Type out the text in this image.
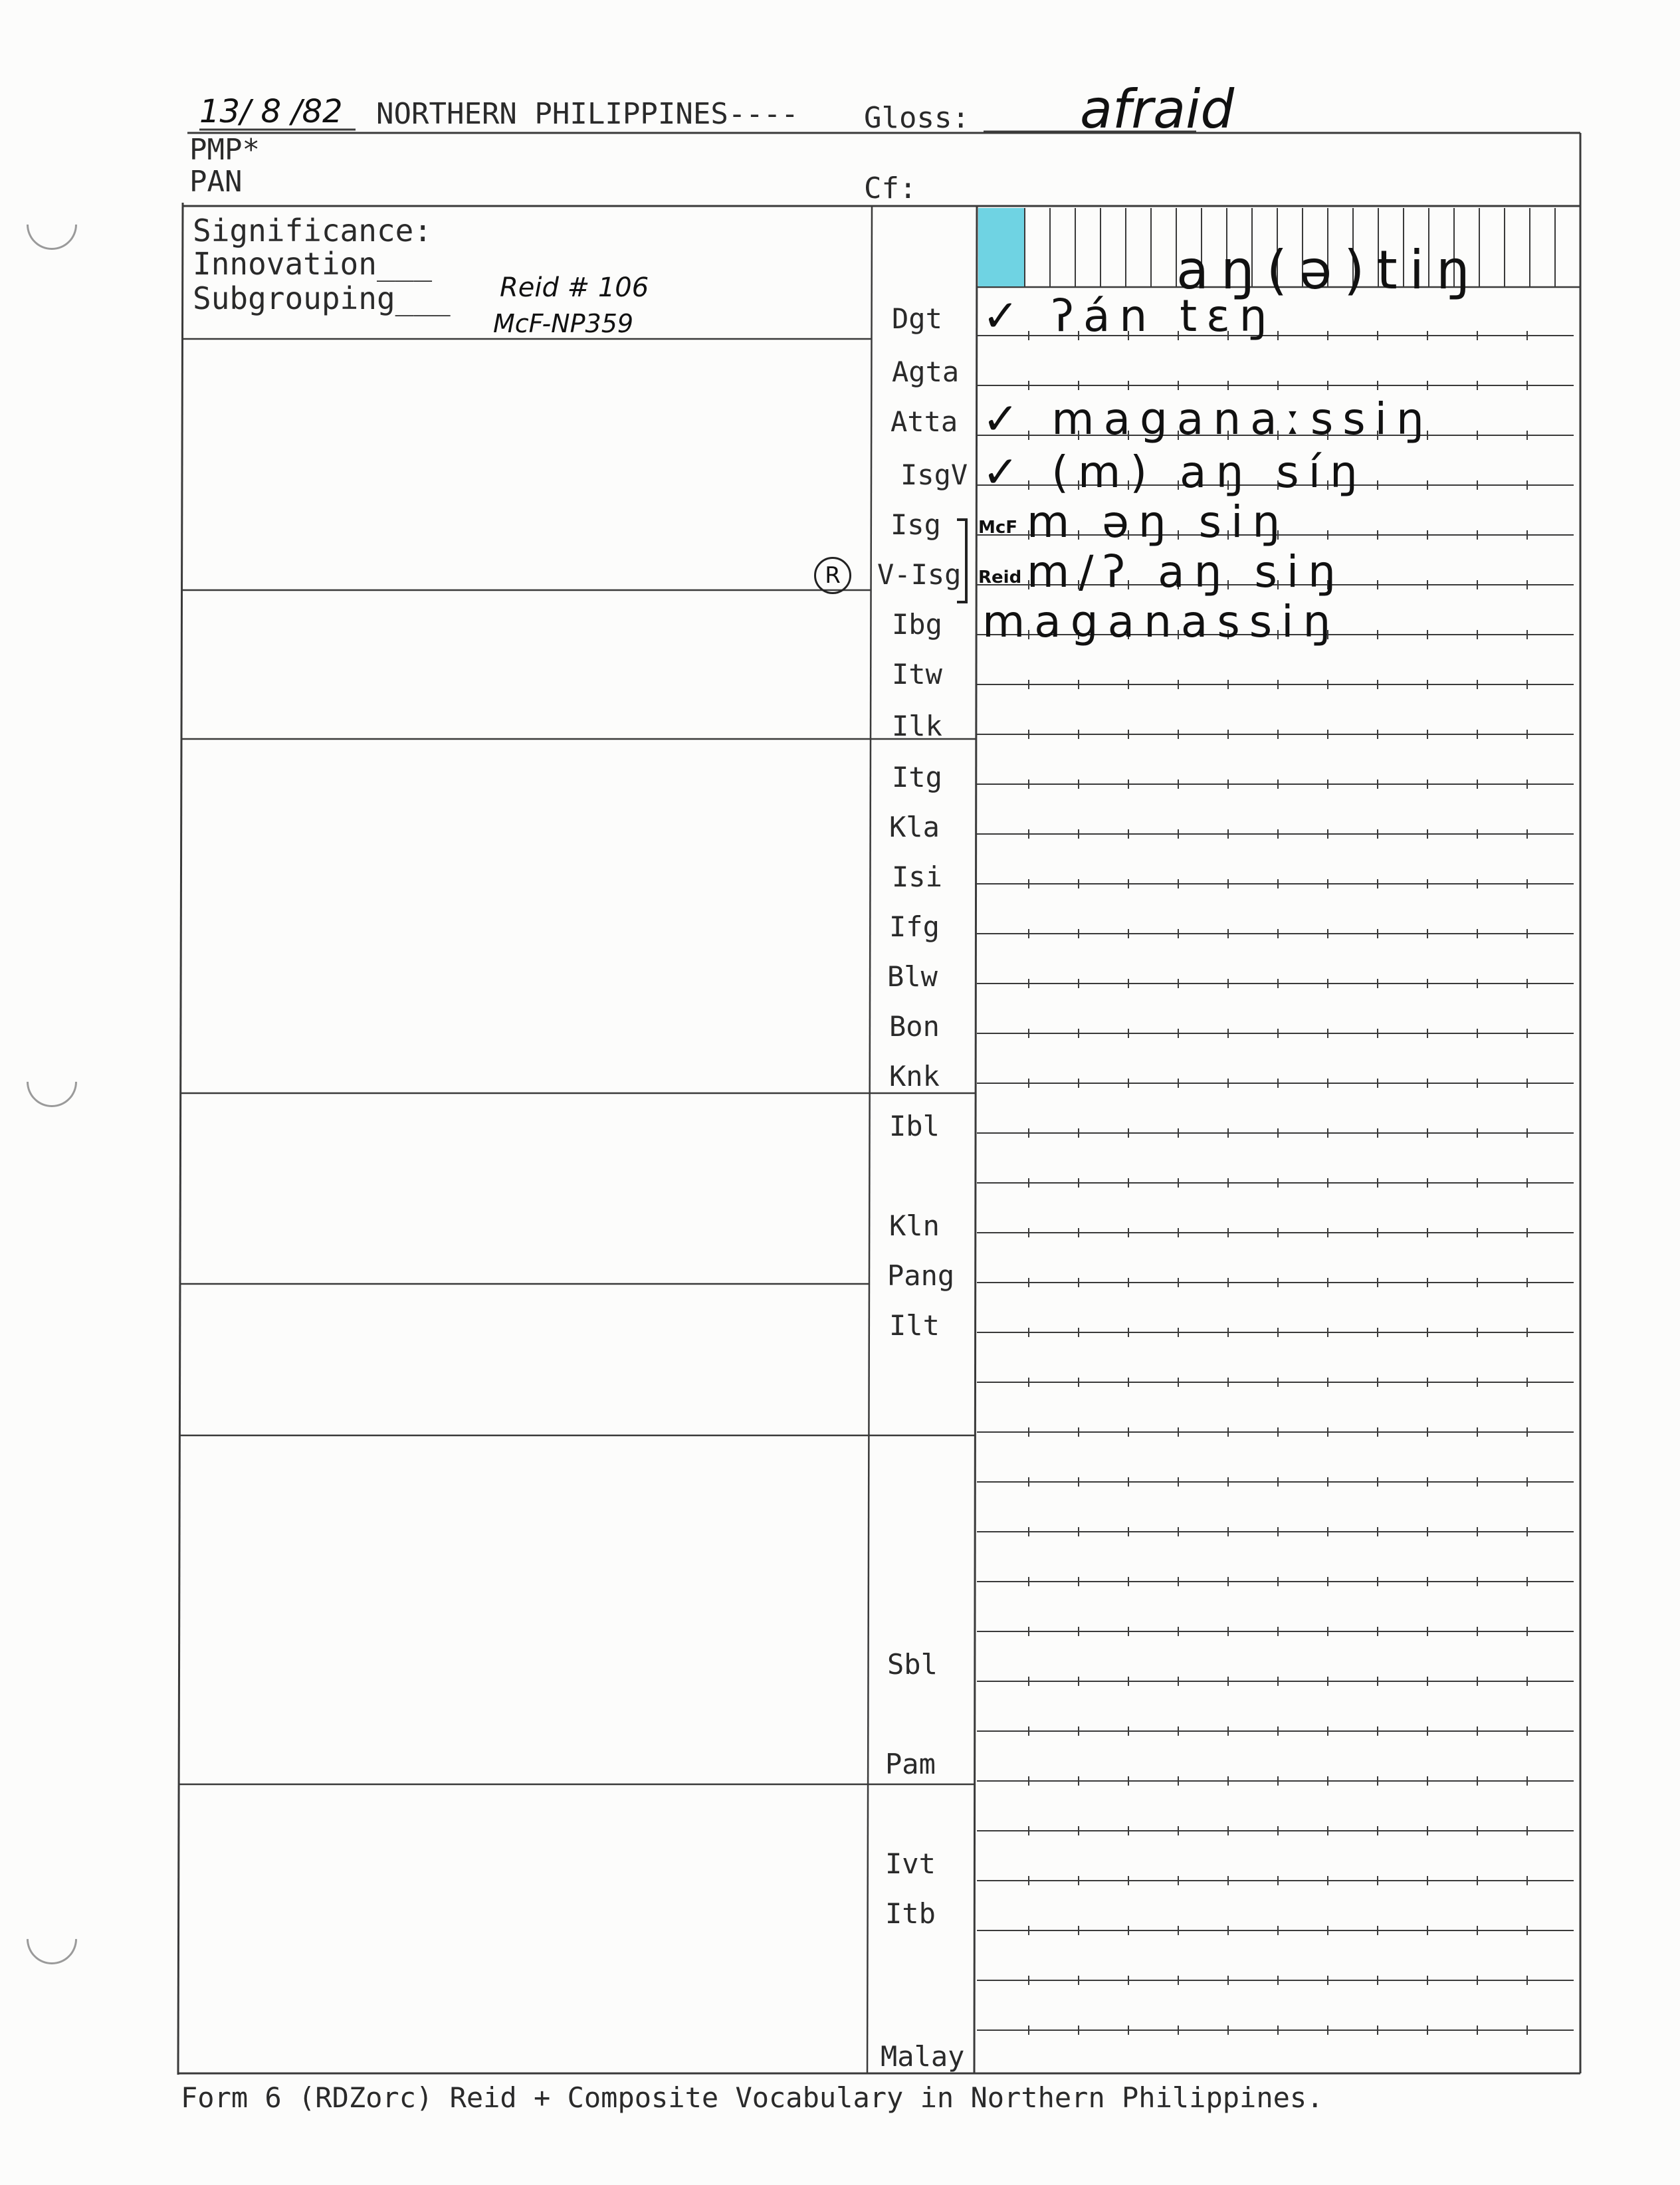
13/ 8 /82 NORTHERN PHILIPPINES---- Gloss: afraid
PMP*
PAN	Cf:
Significance:
Innovation___
Subgrouping___ Reid # 106
McF-NP359
aŋ(ə)tiŋ
Dgt
Agta
Atta
IsgV
Isg
V-Isg
R
Ibg
Itw
Ilk
Itg
Kla
Isi
Ifg
Blw
Bon
Knk
Ibl
Kln
Pang
Ilt
Sbl
Pam
Ivt
Itb
Malay
✓ ʔán tɛŋ
✓ maganaːssiŋ
✓ (m) aŋ síŋ
McF m əŋ siŋ
Reid m/ʔ aŋ siŋ
maganassiŋ
Form 6 (RDZorc) Reid + Composite Vocabulary in Northern Philippines.
